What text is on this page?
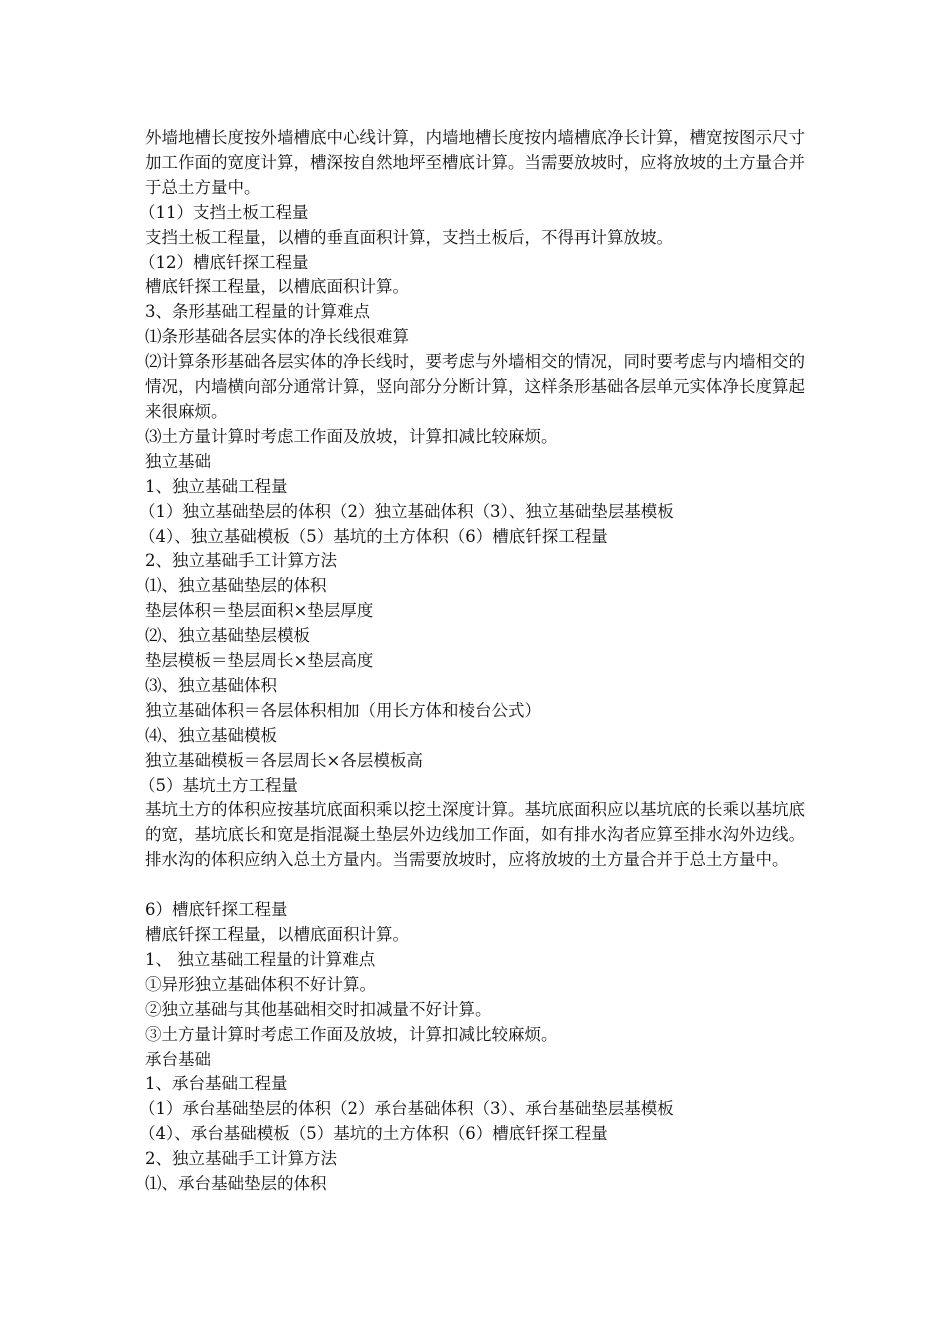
外墙地槽长度按外墙槽底中心线计算，内墙地槽长度按内墙槽底净长计算，槽宽按图示尺寸加工作面的宽度计算，槽深按自然地坪至槽底计算。当需要放坡时，应将放坡的土方量合并于总土方量中。

（11）支挡土板工程量

支挡土板工程量，以槽的垂直面积计算，支挡土板后，不得再计算放坡。

（12）槽底钎探工程量

槽底钎探工程量，以槽底面积计算。

3、条形基础工程量的计算难点

⑴条形基础各层实体的净长线很难算

⑵计算条形基础各层实体的净长线时，要考虑与外墙相交的情况，同时要考虑与内墙相交的情况，内墙横向部分通常计算，竖向部分分断计算，这样条形基础各层单元实体净长度算起来很麻烦。

⑶土方量计算时考虑工作面及放坡，计算扣减比较麻烦。

独立基础

1、独立基础工程量

（1）独立基础垫层的体积（2）独立基础体积（3）、独立基础垫层基模板

（4）、独立基础模板（5）基坑的土方体积（6）槽底钎探工程量

2、独立基础手工计算方法

⑴、独立基础垫层的体积

垫层体积＝垫层面积×垫层厚度

⑵、独立基础垫层模板

垫层模板＝垫层周长×垫层高度

⑶、独立基础体积

独立基础体积＝各层体积相加（用长方体和棱台公式）

⑷、独立基础模板

独立基础模板＝各层周长×各层模板高

（5）基坑土方工程量

基坑土方的体积应按基坑底面积乘以挖土深度计算。基坑底面积应以基坑底的长乘以基坑底的宽，基坑底长和宽是指混凝土垫层外边线加工作面，如有排水沟者应算至排水沟外边线。排水沟的体积应纳入总土方量内。当需要放坡时，应将放坡的土方量合并于总土方量中。

6）槽底钎探工程量

槽底钎探工程量，以槽底面积计算。

1、 独立基础工程量的计算难点

①异形独立基础体积不好计算。

②独立基础与其他基础相交时扣减量不好计算。

③土方量计算时考虑工作面及放坡，计算扣减比较麻烦。

承台基础

1、承台基础工程量

（1）承台基础垫层的体积（2）承台基础体积（3）、承台基础垫层基模板

（4）、承台基础模板（5）基坑的土方体积（6）槽底钎探工程量

2、独立基础手工计算方法

⑴、承台基础垫层的体积
